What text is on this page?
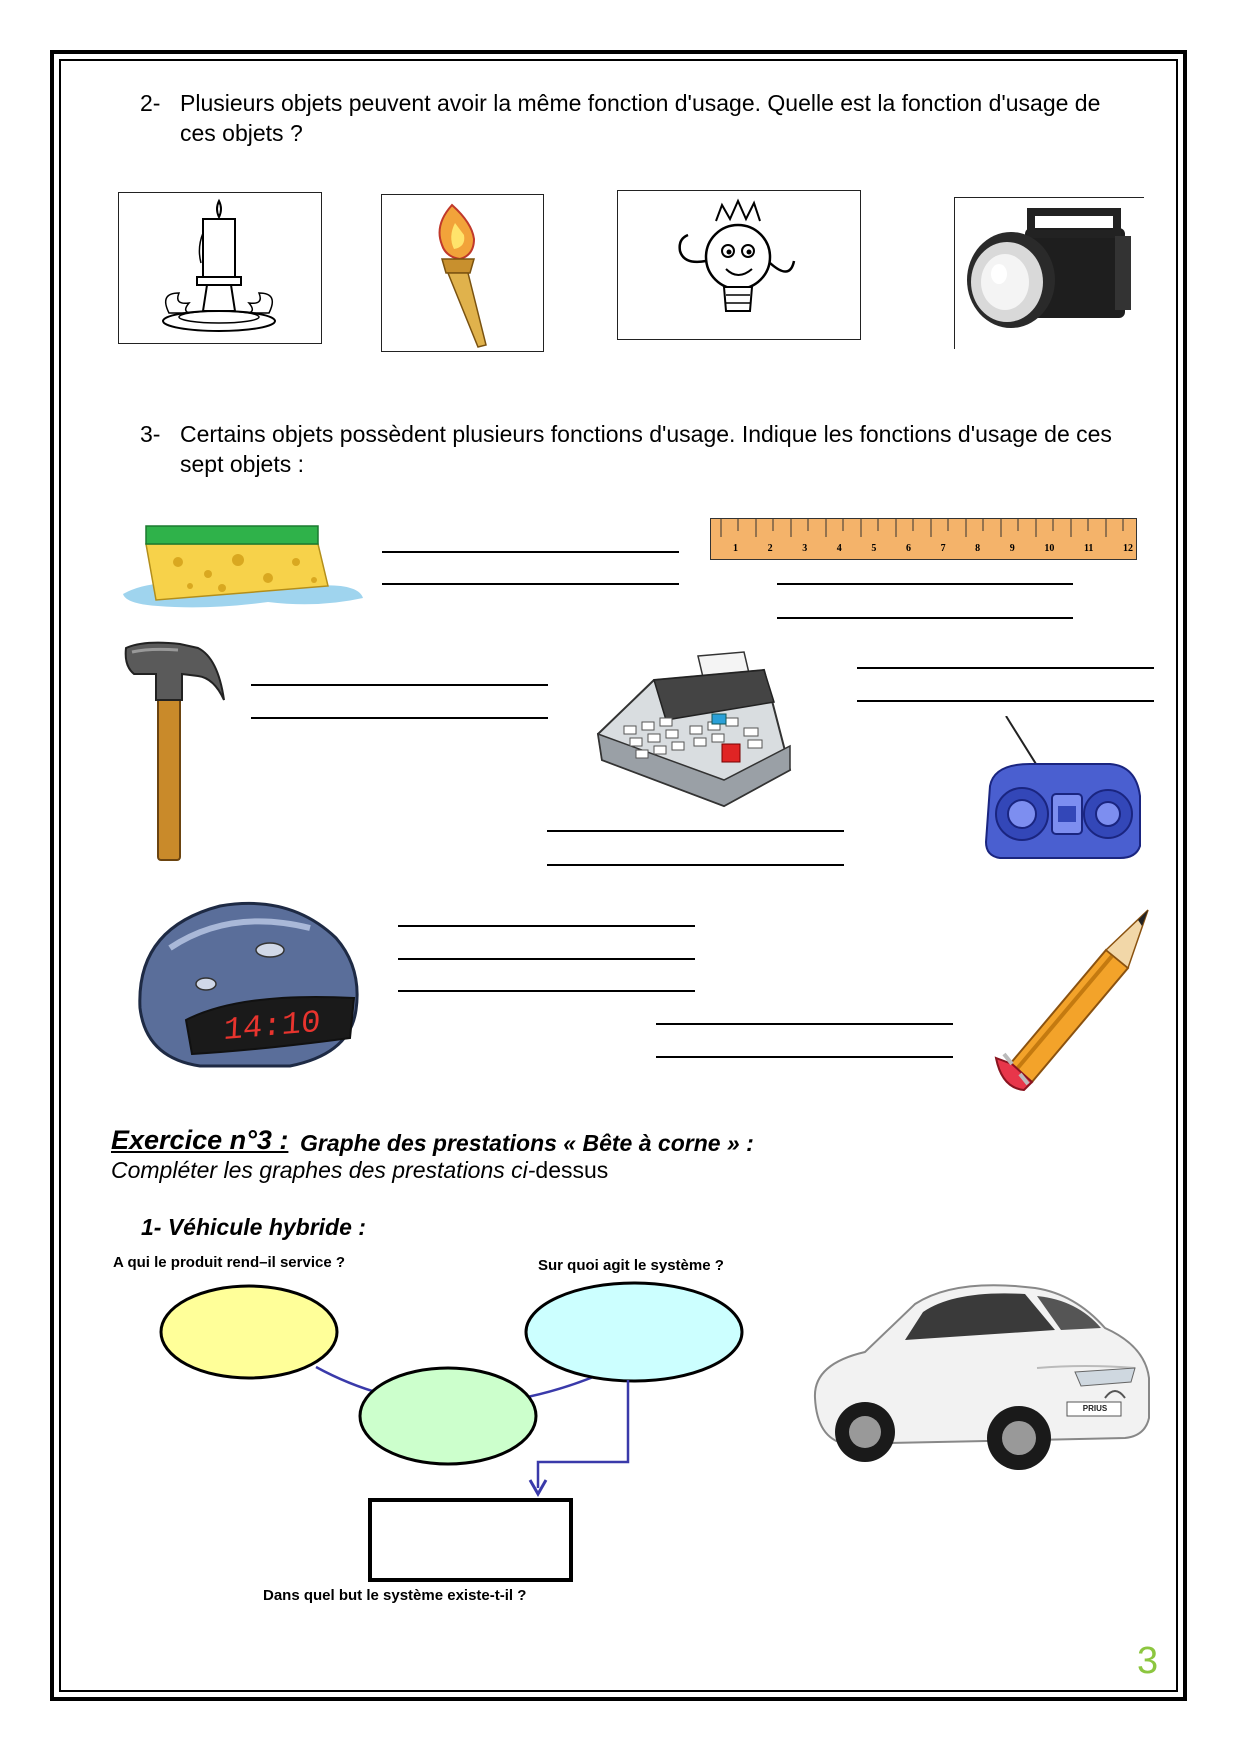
2- Plusieurs objets peuvent avoir la même fonction d'usage. Quelle est la fonction d'usage de ces objets ?
3- Certains objets possèdent plusieurs fonctions d'usage. Indique les fonctions d'usage de ces sept objets :
1	2	3	4	5	6	7	8	9	10	11	12
14:10
Exercice n°3 : Graphe des prestations « Bête à corne » :
Compléter les graphes des prestations ci-dessus
1- Véhicule hybride :
A qui le produit rend–il service ?	Sur quoi agit le système ?
Dans quel but le système existe-t-il ?
PRIUS
3
